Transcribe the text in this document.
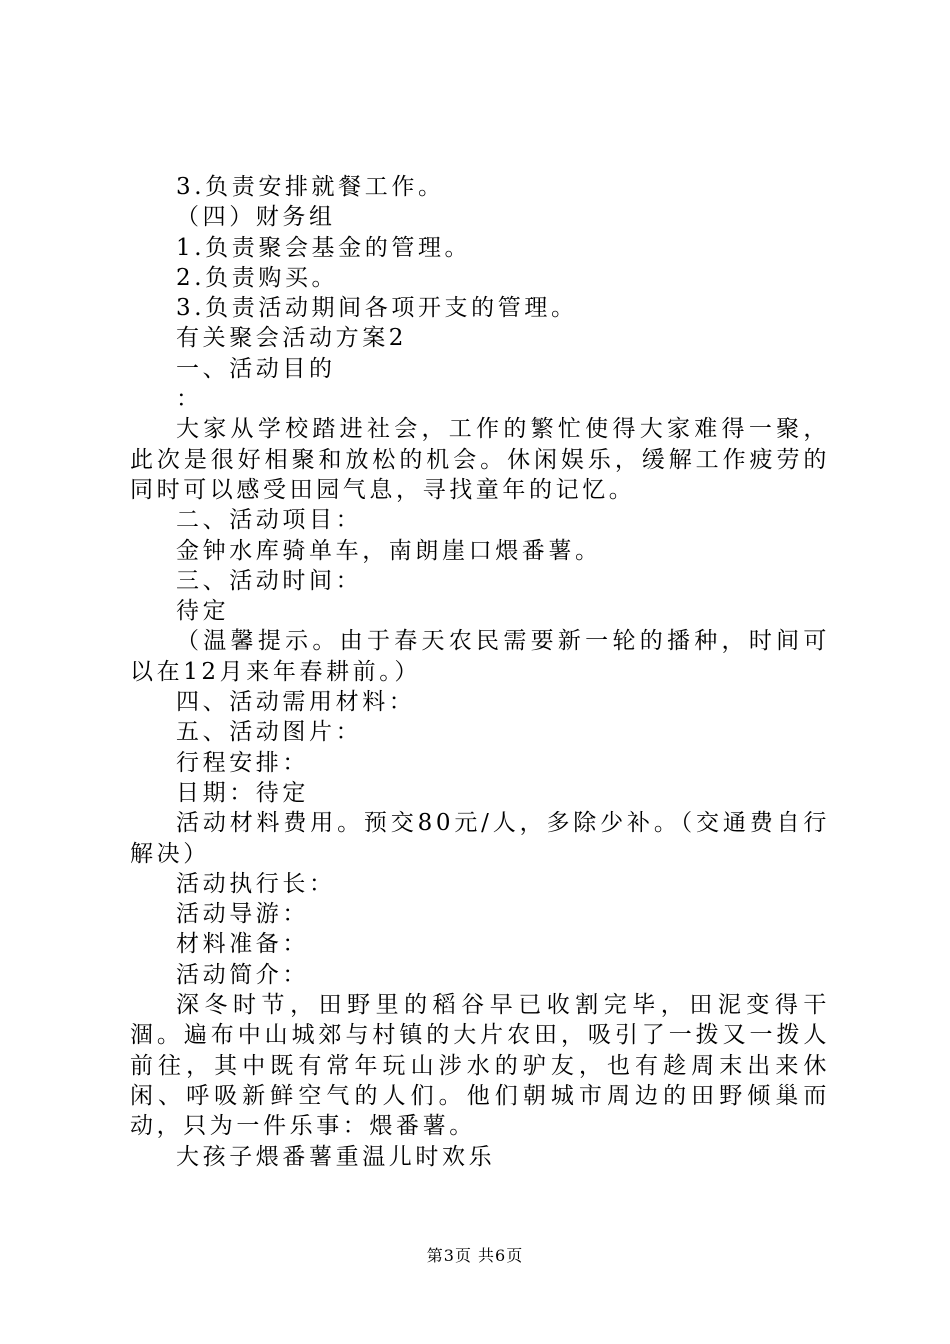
3.负责安排就餐工作。

（四）财务组

1.负责聚会基金的管理。

2.负责购买。

3.负责活动期间各项开支的管理。

有关聚会活动方案2

一、活动目的

：

大家从学校踏进社会，工作的繁忙使得大家难得一聚，此次是很好相聚和放松的机会。休闲娱乐，缓解工作疲劳的同时可以感受田园气息，寻找童年的记忆。

二、活动项目：

金钟水库骑单车，南朗崖口煨番薯。

三、活动时间：

待定

（温馨提示。由于春天农民需要新一轮的播种，时间可以在12月来年春耕前。）

四、活动需用材料：

五、活动图片：

行程安排：

日期：待定

活动材料费用。预交80元/人，多除少补。（交通费自行解决）

活动执行长：

活动导游：

材料准备：

活动简介：

深冬时节，田野里的稻谷早已收割完毕，田泥变得干涸。遍布中山城郊与村镇的大片农田，吸引了一拨又一拨人前往，其中既有常年玩山涉水的驴友，也有趁周末出来休闲、呼吸新鲜空气的人们。他们朝城市周边的田野倾巢而动，只为一件乐事：煨番薯。

大孩子煨番薯重温儿时欢乐

第3页 共6页
